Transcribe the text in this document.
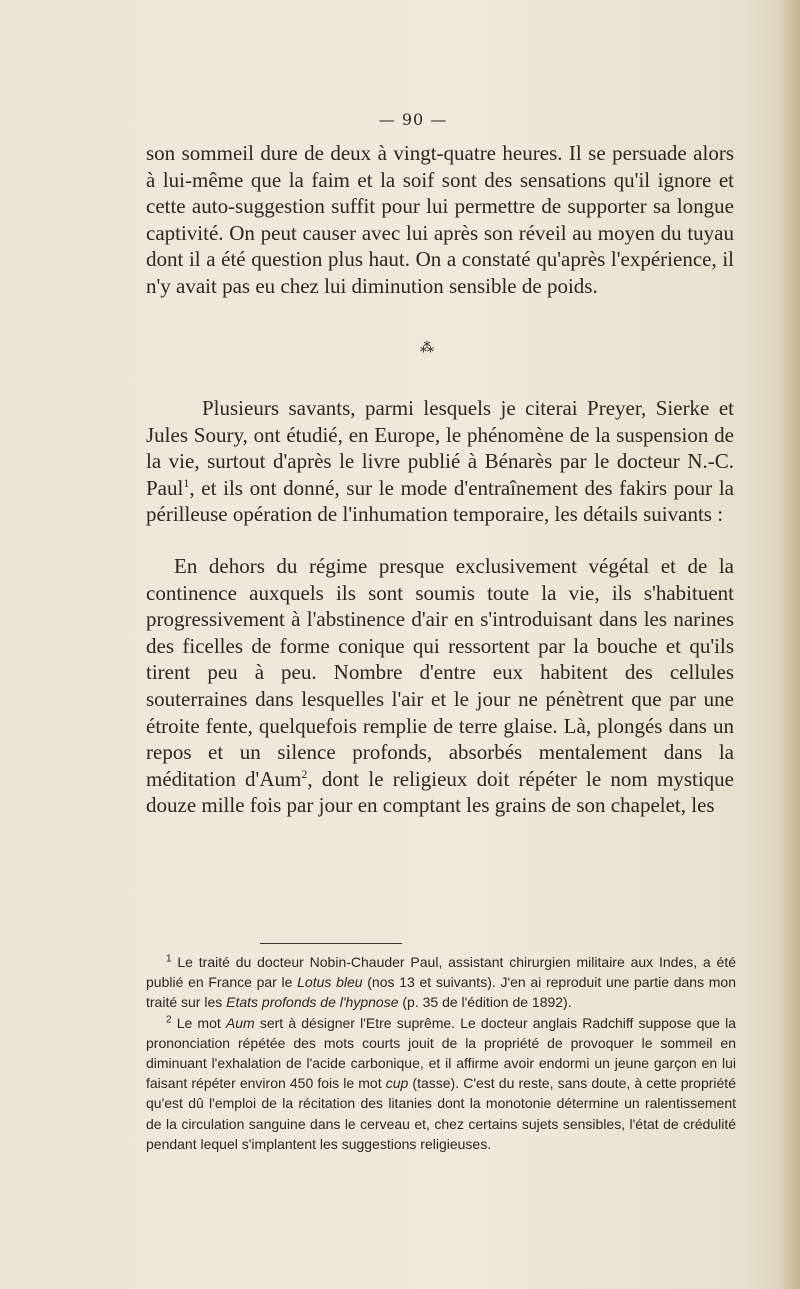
— 90 —
son sommeil dure de deux à vingt-quatre heures. Il se persuade alors à lui-même que la faim et la soif sont des sensations qu'il ignore et cette auto-suggestion suffit pour lui permettre de supporter sa longue captivité. On peut causer avec lui après son réveil au moyen du tuyau dont il a été question plus haut. On a constaté qu'après l'expérience, il n'y avait pas eu chez lui diminution sensible de poids.
⁂
Plusieurs savants, parmi lesquels je citerai Preyer, Sierke et Jules Soury, ont étudié, en Europe, le phénomène de la suspension de la vie, surtout d'après le livre publié à Bénarès par le docteur N.-C. Paul$^1$, et ils ont donné, sur le mode d'entraînement des fakirs pour la périlleuse opération de l'inhumation temporaire, les détails suivants :
En dehors du régime presque exclusivement végétal et de la continence auxquels ils sont soumis toute la vie, ils s'habituent progressivement à l'abstinence d'air en s'introduisant dans les narines des ficelles de forme conique qui ressortent par la bouche et qu'ils tirent peu à peu. Nombre d'entre eux habitent des cellules souterraines dans lesquelles l'air et le jour ne pénètrent que par une étroite fente, quelquefois remplie de terre glaise. Là, plongés dans un repos et un silence profonds, absorbés mentalement dans la méditation d'Aum$^2$, dont le religieux doit répéter le nom mystique douze mille fois par jour en comptant les grains de son chapelet, les

$^1$ Le traité du docteur Nobin-Chauder Paul, assistant chirurgien militaire aux Indes, a été publié en France par le Lotus bleu (nos 13 et suivants). J'en ai reproduit une partie dans mon traité sur les Etats profonds de l'hypnose (p. 35 de l'édition de 1892).

$^2$ Le mot Aum sert à désigner l'Etre suprême. Le docteur anglais Radchiff suppose que la prononciation répétée des mots courts jouit de la propriété de provoquer le sommeil en diminuant l'exhalation de l'acide carbonique, et il affirme avoir endormi un jeune garçon en lui faisant répéter environ 450 fois le mot cup (tasse). C'est du reste, sans doute, à cette propriété qu'est dû l'emploi de la récitation des litanies dont la monotonie détermine un ralentissement de la circulation sanguine dans le cerveau et, chez certains sujets sensibles, l'état de crédulité pendant lequel s'implantent les suggestions religieuses.
